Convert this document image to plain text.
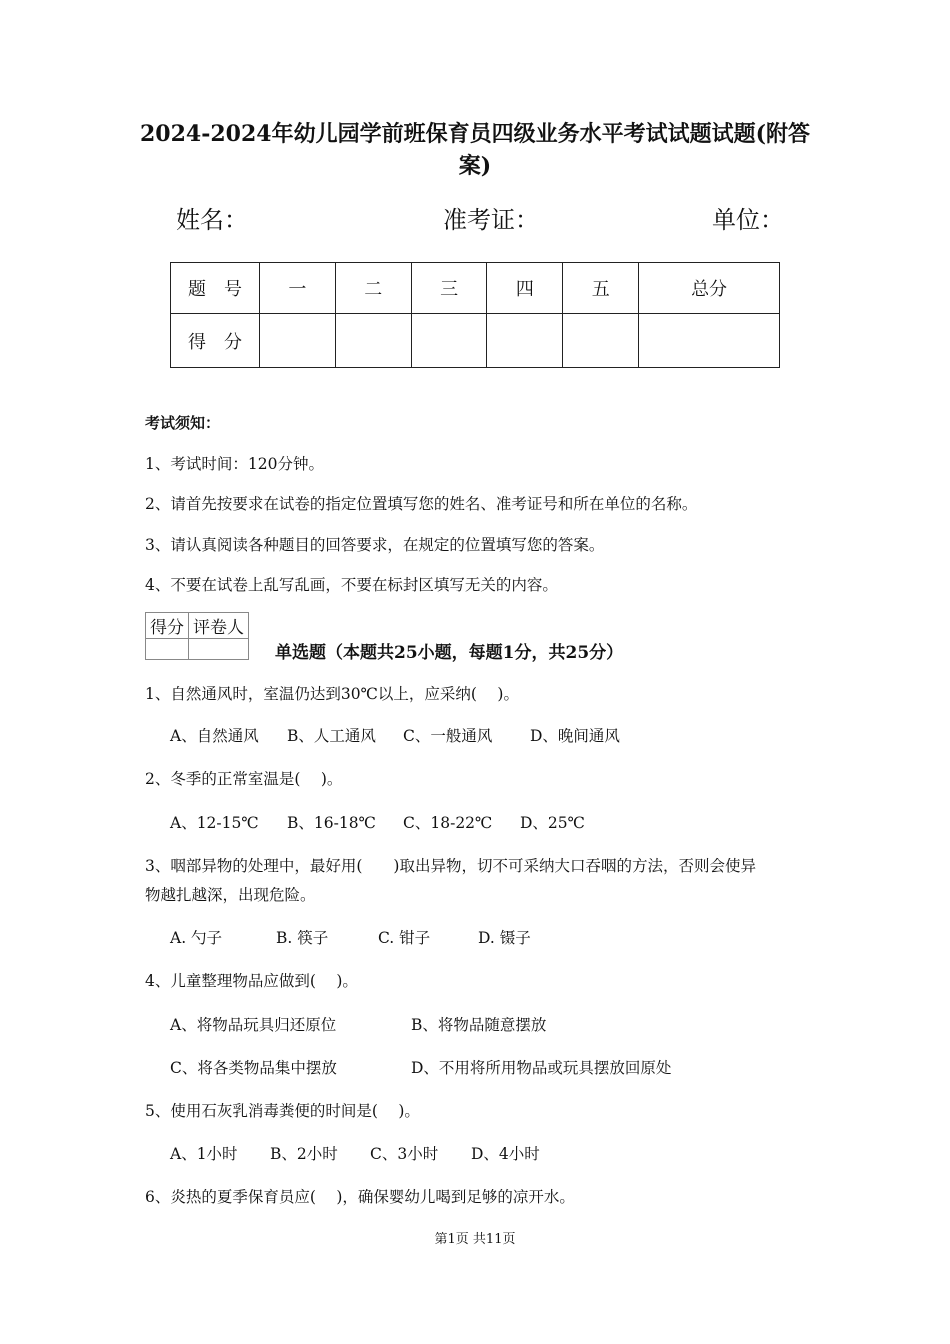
2024-2024年幼儿园学前班保育员四级业务水平考试试题试题(附答
案)
姓名：	准考证：	单位：
题　号	一	二	三	四	五	总分
得　分						
考试须知：
1、考试时间：120分钟。
2、请首先按要求在试卷的指定位置填写您的姓名、准考证号和所在单位的名称。
3、请认真阅读各种题目的回答要求，在规定的位置填写您的答案。
4、不要在试卷上乱写乱画，不要在标封区填写无关的内容。
得分	评卷人

单选题（本题共25小题，每题1分，共25分）
1、自然通风时，室温仍达到30℃以上，应采纳(　 )。
A、自然通风 B、人工通风 C、一般通风 D、晚间通风
2、冬季的正常室温是(　 )。
A、12-15℃ B、16-18℃ C、18-22℃ D、25℃
3、咽部异物的处理中，最好用(　　)取出异物，切不可采纳大口吞咽的方法，否则会使异
物越扎越深，出现危险。
A. 勺子	B. 筷子	C. 钳子	D. 镊子
4、儿童整理物品应做到(　 )。
A、将物品玩具归还原位	B、将物品随意摆放
C、将各类物品集中摆放	D、不用将所用物品或玩具摆放回原处
5、使用石灰乳消毒粪便的时间是(　 )。
A、1小时 B、2小时 C、3小时 D、4小时
6、炎热的夏季保育员应(　 )，确保婴幼儿喝到足够的凉开水。
第1页 共11页
